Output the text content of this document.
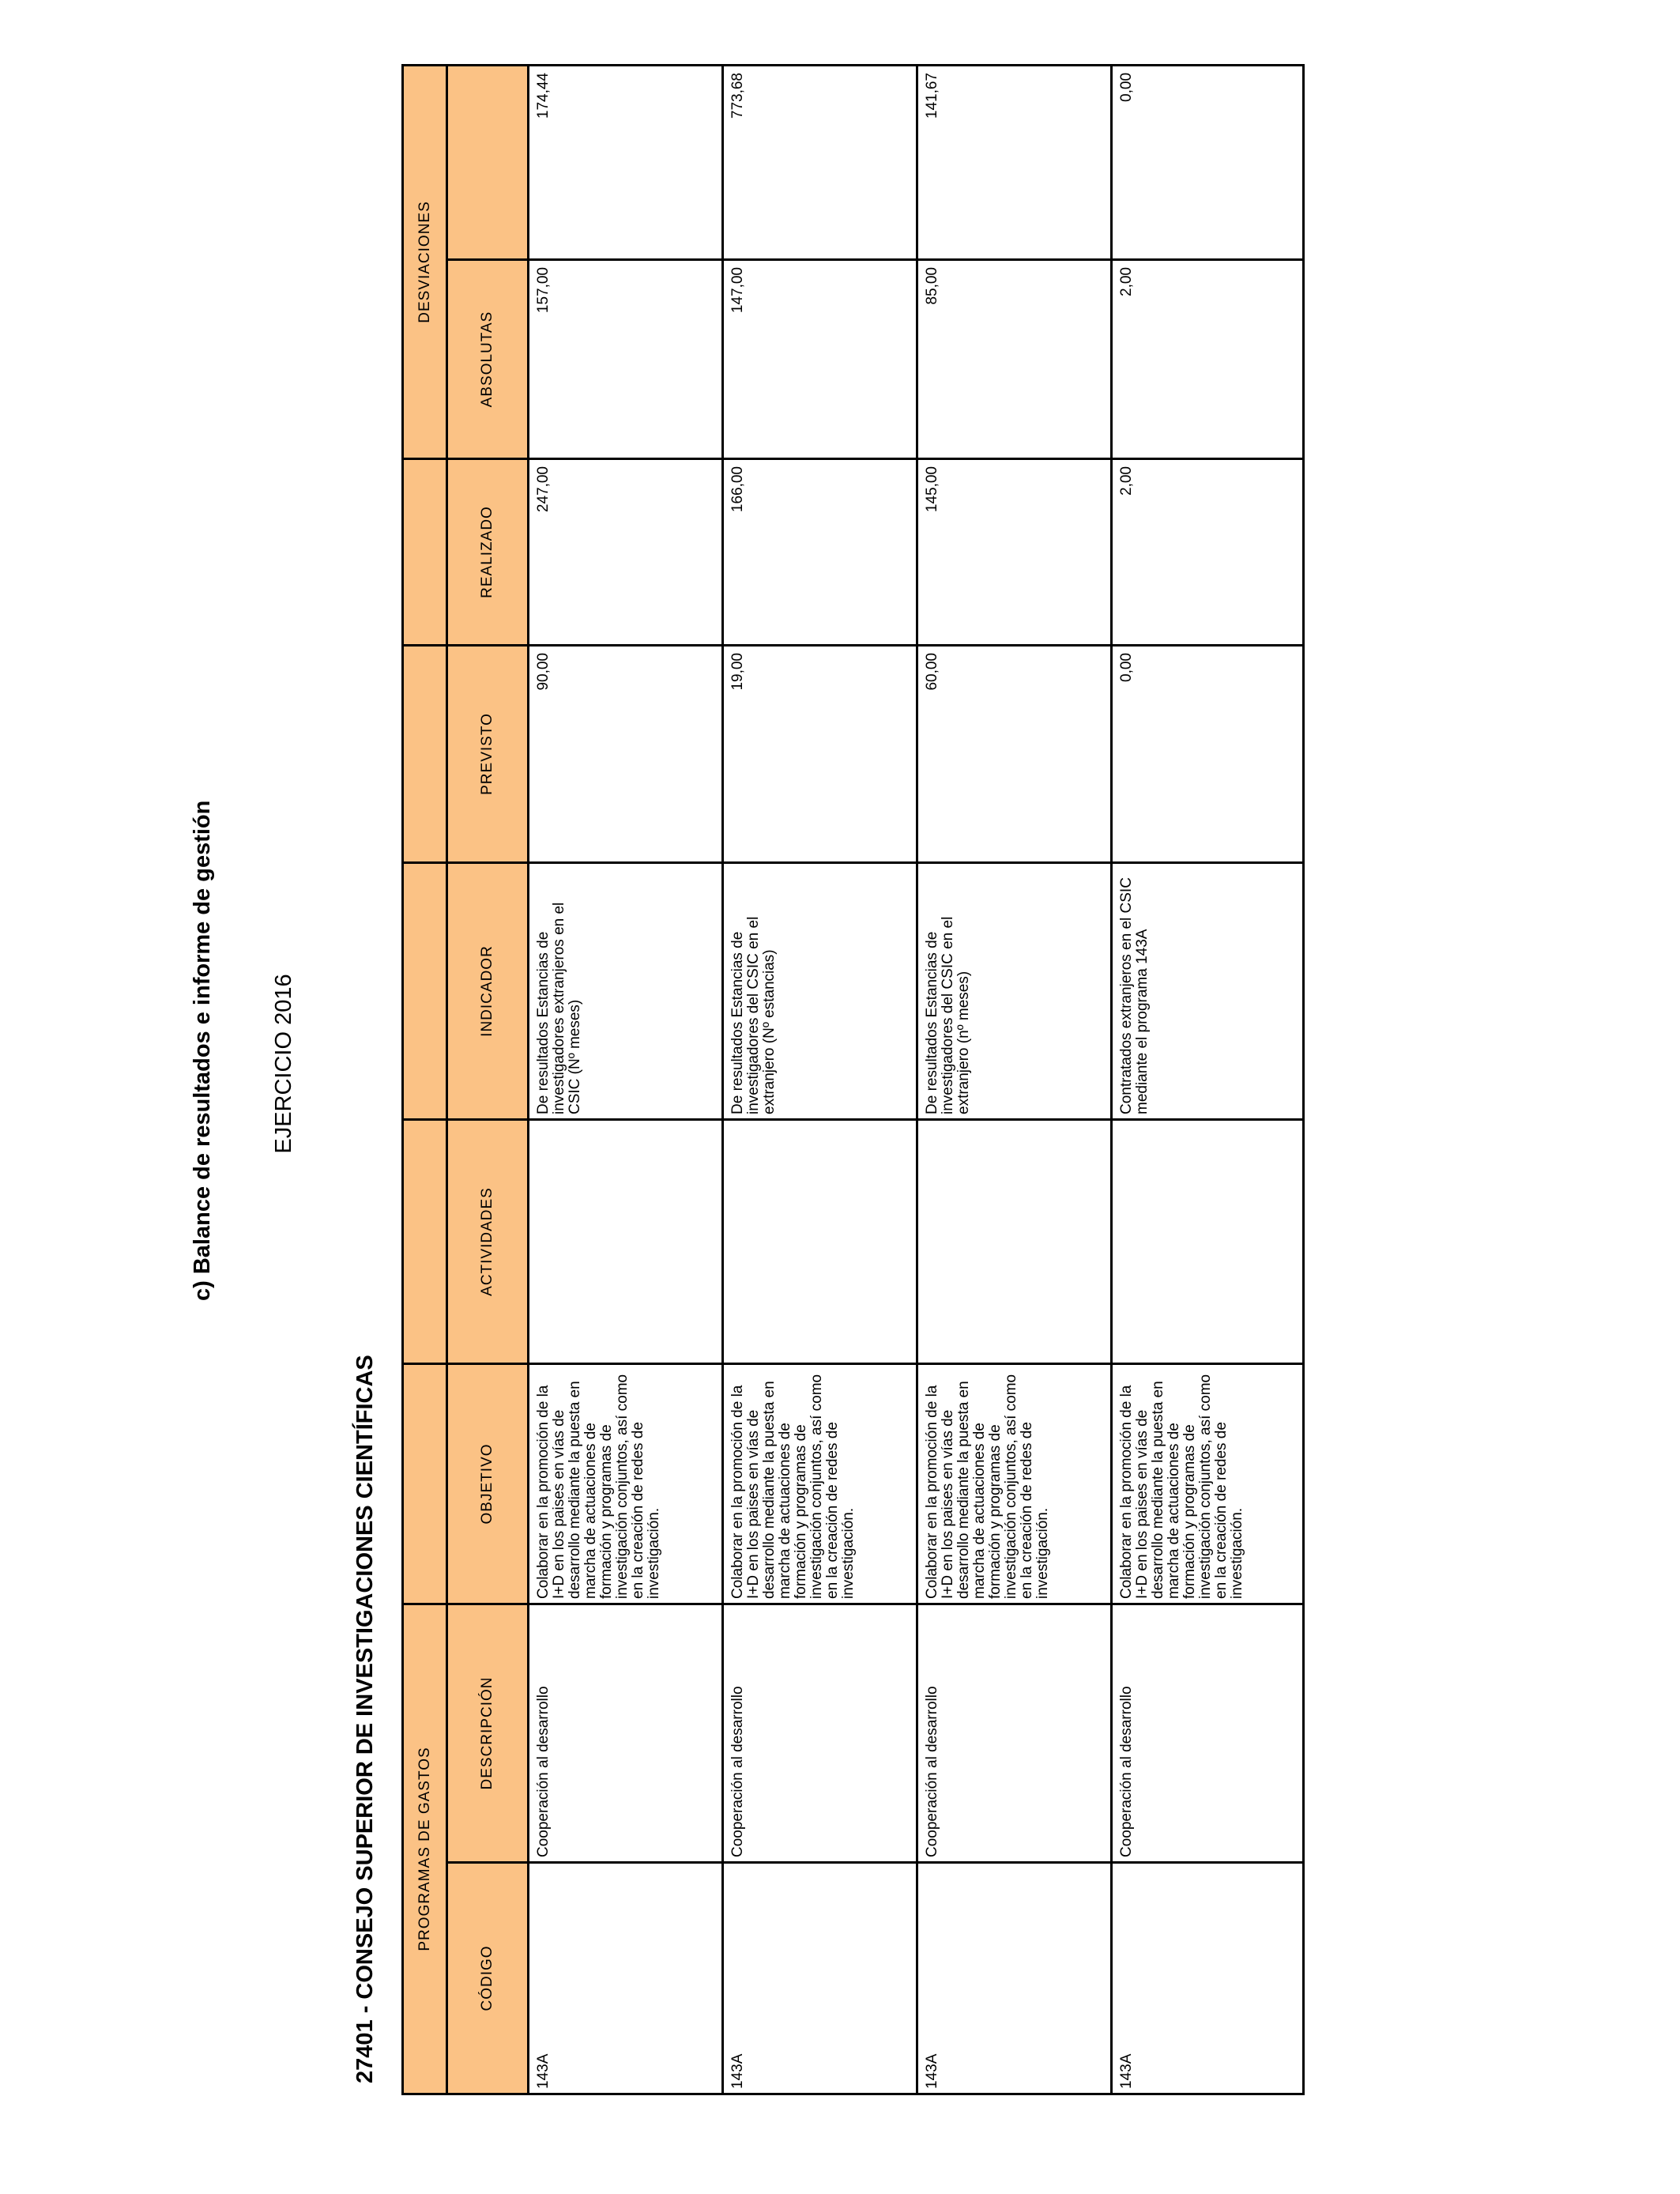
c) Balance de resultados e informe de gestión EJERCICIO 2016
27401 - CONSEJO SUPERIOR DE INVESTIGACIONES CIENTÍFICAS	PROGRAMAS DE GASTOS							DESVIACIONES	
CÓDIGO	DESCRIPCIÓN	OBJETIVO	ACTIVIDADES	INDICADOR	PREVISTO	REALIZADO	ABSOLUTAS	
143A	Cooperación al desarrollo	Colaborar en la promoción de la I+D en los paises en vías de desarrollo mediante la puesta en marcha de actuaciones de formación y programas de investigación conjuntos, así como en la creación de redes de investigación.		De resultados Estancias de investigadores extranjeros en el CSIC (Nº meses)	90,00	247,00	157,00	174,44
143A	Cooperación al desarrollo	Colaborar en la promoción de la I+D en los paises en vías de desarrollo mediante la puesta en marcha de actuaciones de formación y programas de investigación conjuntos, así como en la creación de redes de investigación.		De resultados Estancias de investigadores del CSIC en el extranjero (Nº estancias)	19,00	166,00	147,00	773,68
143A	Cooperación al desarrollo	Colaborar en la promoción de la I+D en los paises en vías de desarrollo mediante la puesta en marcha de actuaciones de formación y programas de investigación conjuntos, así como en la creación de redes de investigación.		De resultados Estancias de investigadores del CSIC en el extranjero (nº meses)	60,00	145,00	85,00	141,67
143A	Cooperación al desarrollo	Colaborar en la promoción de la I+D en los paises en vías de desarrollo mediante la puesta en marcha de actuaciones de formación y programas de investigación conjuntos, así como en la creación de redes de investigación.		Contratados extranjeros en el CSIC mediante el programa 143A	0,00	2,00	2,00	0,00
